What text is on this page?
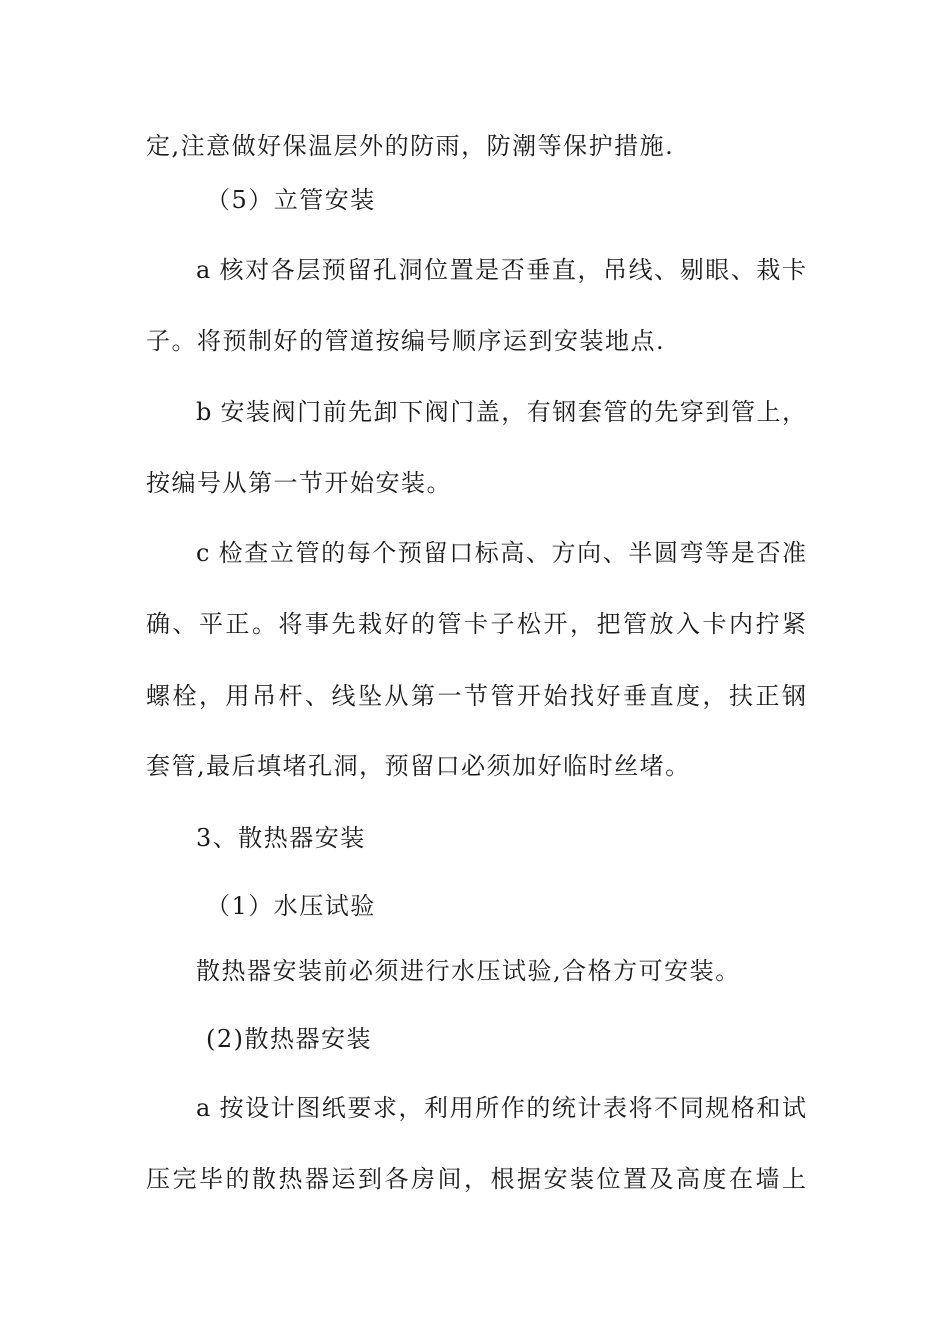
定,注意做好保温层外的防雨，防潮等保护措施.
（5）立管安装
a 核对各层预留孔洞位置是否垂直，吊线、剔眼、栽卡
子。将预制好的管道按编号顺序运到安装地点.
b 安装阀门前先卸下阀门盖，有钢套管的先穿到管上，
按编号从第一节开始安装。
c 检查立管的每个预留口标高、方向、半圆弯等是否准
确、平正。将事先栽好的管卡子松开，把管放入卡内拧紧
螺栓，用吊杆、线坠从第一节管开始找好垂直度，扶正钢
套管,最后填堵孔洞，预留口必须加好临时丝堵。
3、散热器安装
（1）水压试验
散热器安装前必须进行水压试验,合格方可安装。
(2)散热器安装
a 按设计图纸要求，利用所作的统计表将不同规格和试
压完毕的散热器运到各房间，根据安装位置及高度在墙上
